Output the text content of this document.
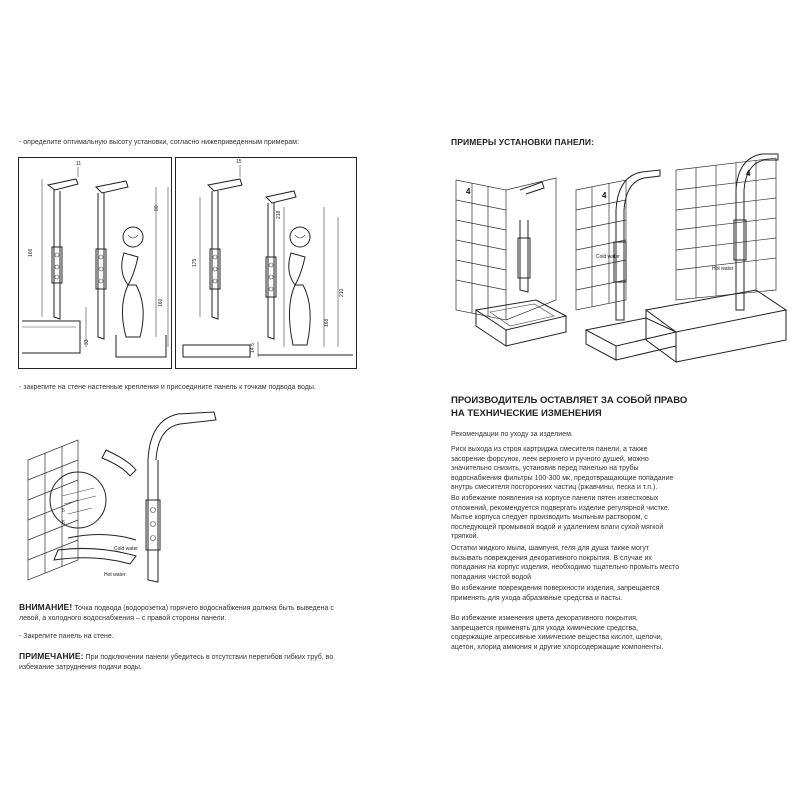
- определите оптимальную высоту установки, согласно нижеприведенным примерам:
11
166
80
160
33
15
175
218
210
168
14.5
- закрепите на стене настенные крепления и присоедините панель к точкам подвода воды.
5
6
Cold water
Hot water
ВНИМАНИЕ! Точка подвода (водорозетка) горячего водоснабжения должна быть выведена с левой, а холодного водоснабжения – с правой стороны панели.
- Закрепите панель на стене.
ПРИМЕЧАНИЕ: При подключении панели убедитесь в отсутствии перегибов гибких труб, во избежание затруднения подачи воды.
ПРИМЕРЫ УСТАНОВКИ ПАНЕЛИ:
4	4
Cold water
4
Hot water
ПРОИЗВОДИТЕЛЬ ОСТАВЛЯЕТ ЗА СОБОЙ ПРАВО НА ТЕХНИЧЕСКИЕ ИЗМЕНЕНИЯ
Рекомендации по уходу за изделием.
Риск выхода из строя картриджа смесителя панели, а также засорение форсунок, леек верхнего и ручного душей, можно значительно снизить, установив перед панелью на трубы водоснабжения фильтры 100-300 мк, предотвращающие попадание внутрь смесителя посторонних частиц (ржавчины, песка и т.п.).
Во избежание появления на корпусе панели пятен известковых отложений, рекомендуется подвергать изделие регулярной чистке. Мытье корпуса следует производить мыльным раствором, с последующей промывкой водой и удалением влаги сухой мягкой тряпкой.
Остатки жидкого мыла, шампуня, геля для душа также могут вызывать повреждения декоративного покрытия. В случае их попадания на корпус изделия, необходимо тщательно промыть место попадания чистой водой
Во избежание повреждения поверхности изделия, запрещается применять для ухода абразивные средства и пасты.
Во избежание изменения цвета декоративного покрытия, запрещается применять для ухода химические средства, содержащие агрессивные химические вещества кислот, щелочи, ацетон, хлорид аммония и другие хлорсодержащие компоненты.
